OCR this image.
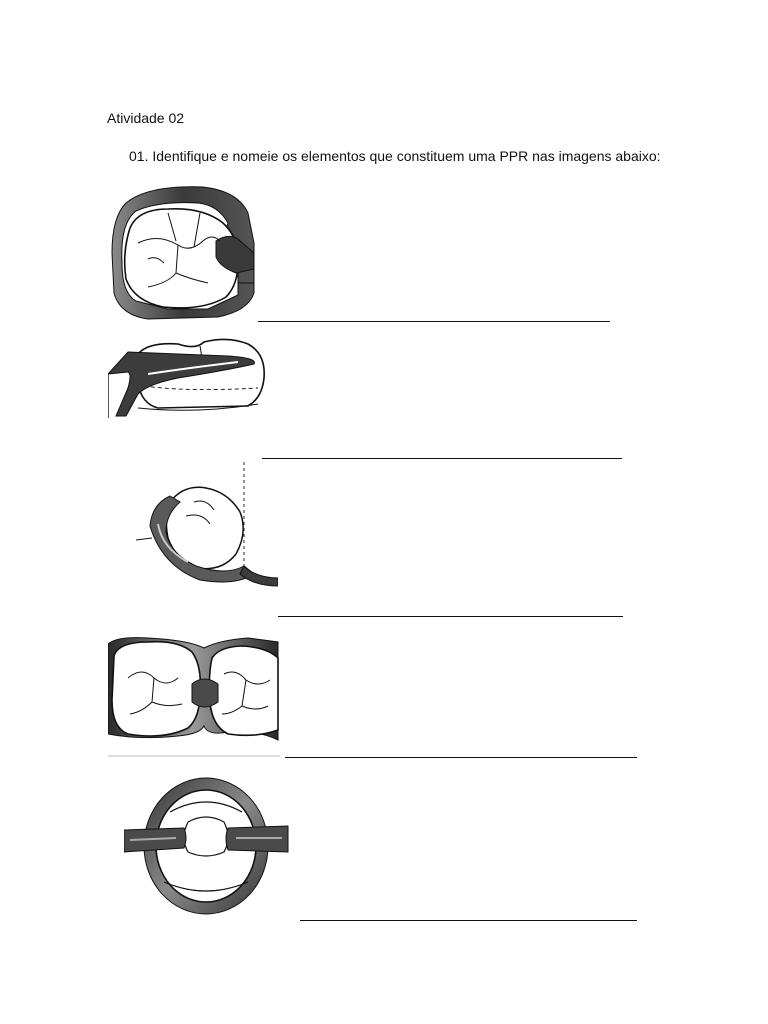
Atividade 02
01. Identifique e nomeie os elementos que constituem uma PPR nas imagens abaixo:
